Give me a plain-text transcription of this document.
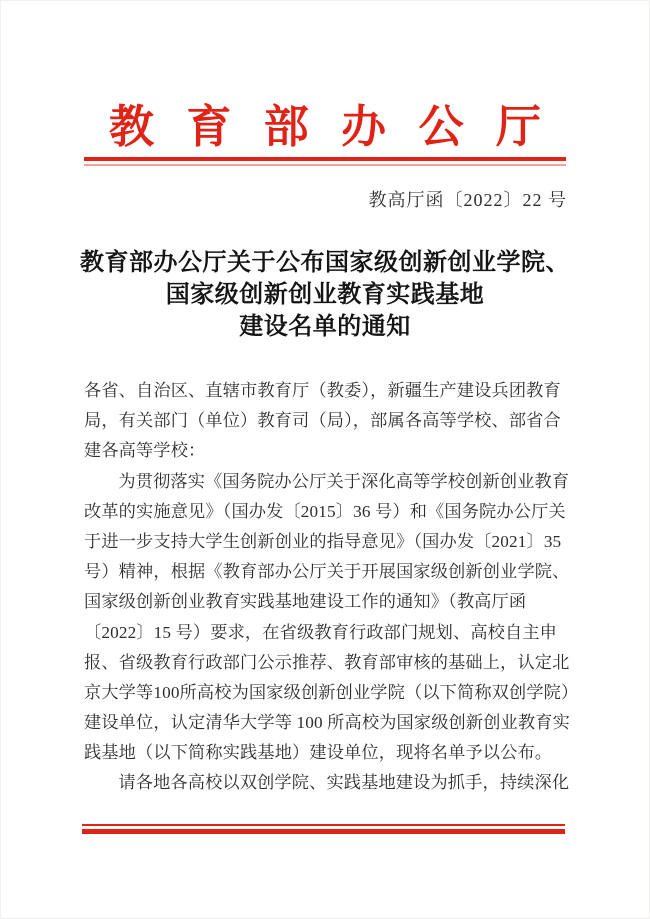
教育部办公厅
教高厅函〔2022〕22 号
教育部办公厅关于公布国家级创新创业学院、
国家级创新创业教育实践基地
建设名单的通知
各省、自治区、直辖市教育厅（教委），新疆生产建设兵团教育
局，有关部门（单位）教育司（局），部属各高等学校、部省合
建各高等学校：
为贯彻落实《国务院办公厅关于深化高等学校创新创业教育
改革的实施意见》（国办发〔2015〕36 号）和《国务院办公厅关
于进一步支持大学生创新创业的指导意见》（国办发〔2021〕35
号）精神，根据《教育部办公厅关于开展国家级创新创业学院、
国家级创新创业教育实践基地建设工作的通知》（教高厅函
〔2022〕15 号）要求，在省级教育行政部门规划、高校自主申
报、省级教育行政部门公示推荐、教育部审核的基础上，认定北
京大学等100所高校为国家级创新创业学院（以下简称双创学院）
建设单位，认定清华大学等 100 所高校为国家级创新创业教育实
践基地（以下简称实践基地）建设单位，现将名单予以公布。
请各地各高校以双创学院、实践基地建设为抓手，持续深化
